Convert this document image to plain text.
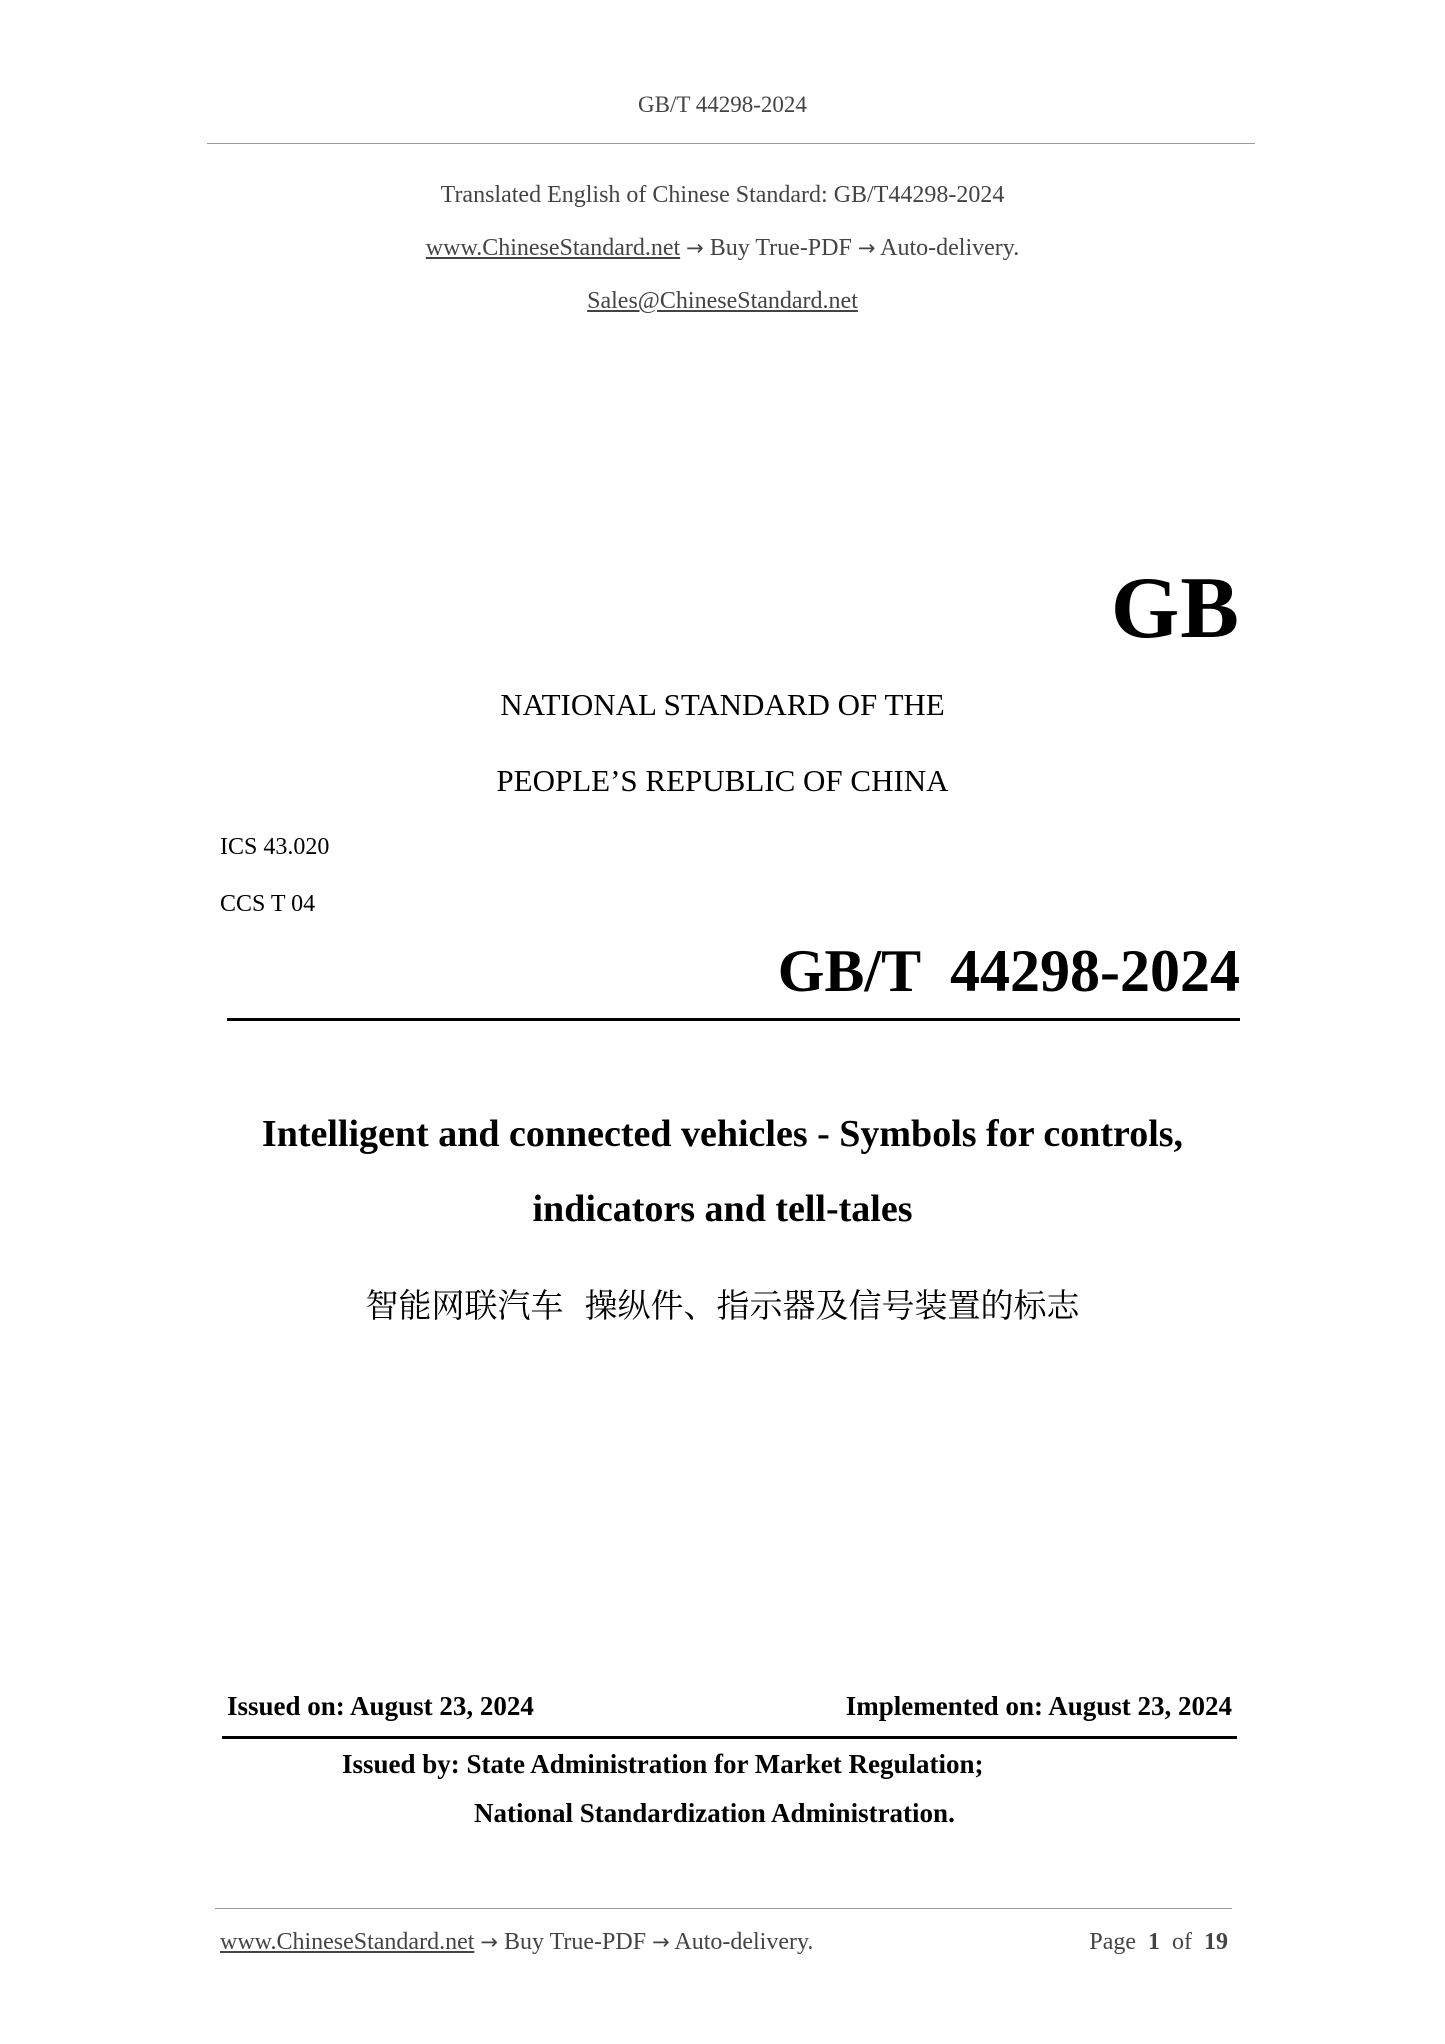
GB/T 44298-2024
Translated English of Chinese Standard: GB/T44298-2024
www.ChineseStandard.net → Buy True-PDF → Auto-delivery.
Sales@ChineseStandard.net
GB
NATIONAL STANDARD OF THE
PEOPLE’S REPUBLIC OF CHINA
ICS 43.020
CCS T 04
GB/T  44298-2024
Intelligent and connected vehicles - Symbols for controls,
indicators and tell-tales
智能网联汽车  操纵件、指示器及信号装置的标志
Issued on: August 23, 2024	Implemented on: August 23, 2024
Issued by: State Administration for Market Regulation;
National Standardization Administration.
www.ChineseStandard.net → Buy True-PDF → Auto-delivery.	Page 1 of 19
